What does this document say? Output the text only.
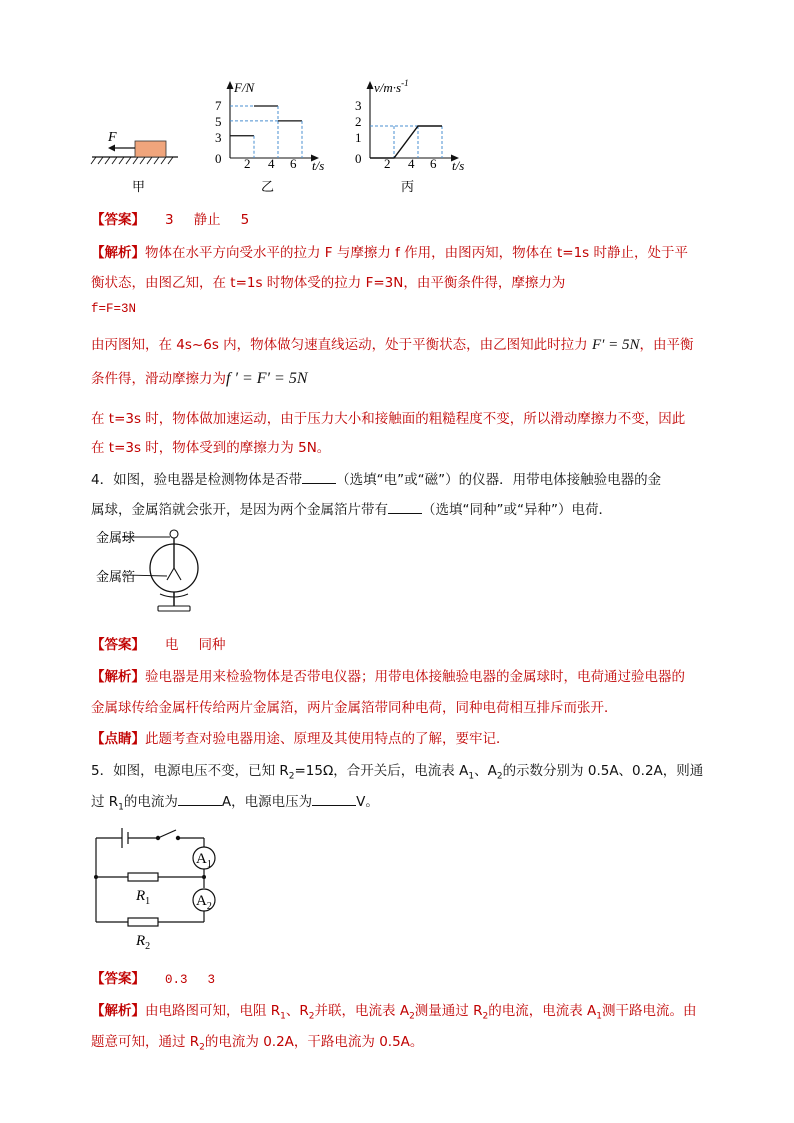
F
甲
F/N
t/s
7
5
3
0 2 4 6
乙
$v/m\cdot s^{-1}$
t/s
3
2
1
0 2 4 6
丙
【答案】 3 静止 5
【解析】物体在水平方向受水平的拉力 F 与摩擦力 f 作用，由图丙知，物体在 t=1s 时静止，处于平
衡状态，由图乙知，在 t=1s 时物体受的拉力 F=3N，由平衡条件得，摩擦力为
f=F=3N
由丙图知，在 4s~6s 内，物体做匀速直线运动，处于平衡状态，由乙图知此时拉力 F′ = 5N，由平衡
条件得，滑动摩擦力为f ′ = F′ = 5N
在 t=3s 时，物体做加速运动，由于压力大小和接触面的粗糙程度不变，所以滑动摩擦力不变，因此
在 t=3s 时，物体受到的摩擦力为 5N。
4．如图，验电器是检测物体是否带	（选填“电”或“磁”）的仪器．用带电体接触验电器的金
属球，金属箔就会张开，是因为两个金属箔片带有	（选填“同种”或“异种”）电荷．
金属球
金属箔
【答案】 电 同种
【解析】验电器是用来检验物体是否带电仪器；用带电体接触验电器的金属球时，电荷通过验电器的
金属球传给金属杆传给两片金属箔，两片金属箔带同种电荷，同种电荷相互排斥而张开．
【点睛】此题考查对验电器用途、原理及其使用特点的了解，要牢记．
5．如图，电源电压不变，已知 $R_2=15\Omega$，合开关后，电流表 $A_1$、$A_2$的示数分别为 0.5A、0.2A，则通
过 $R_1$的电流为	A，电源电压为	V。
$A_1$
$A_2$
$R_1$
$R_2$
【答案】 0.3 3
【解析】由电路图可知，电阻 $R_1$、$R_2$并联，电流表 $A_2$测量通过 $R_2$的电流，电流表 $A_1$测干路电流。由
题意可知，通过 $R_2$的电流为 0.2A，干路电流为 0.5A。
